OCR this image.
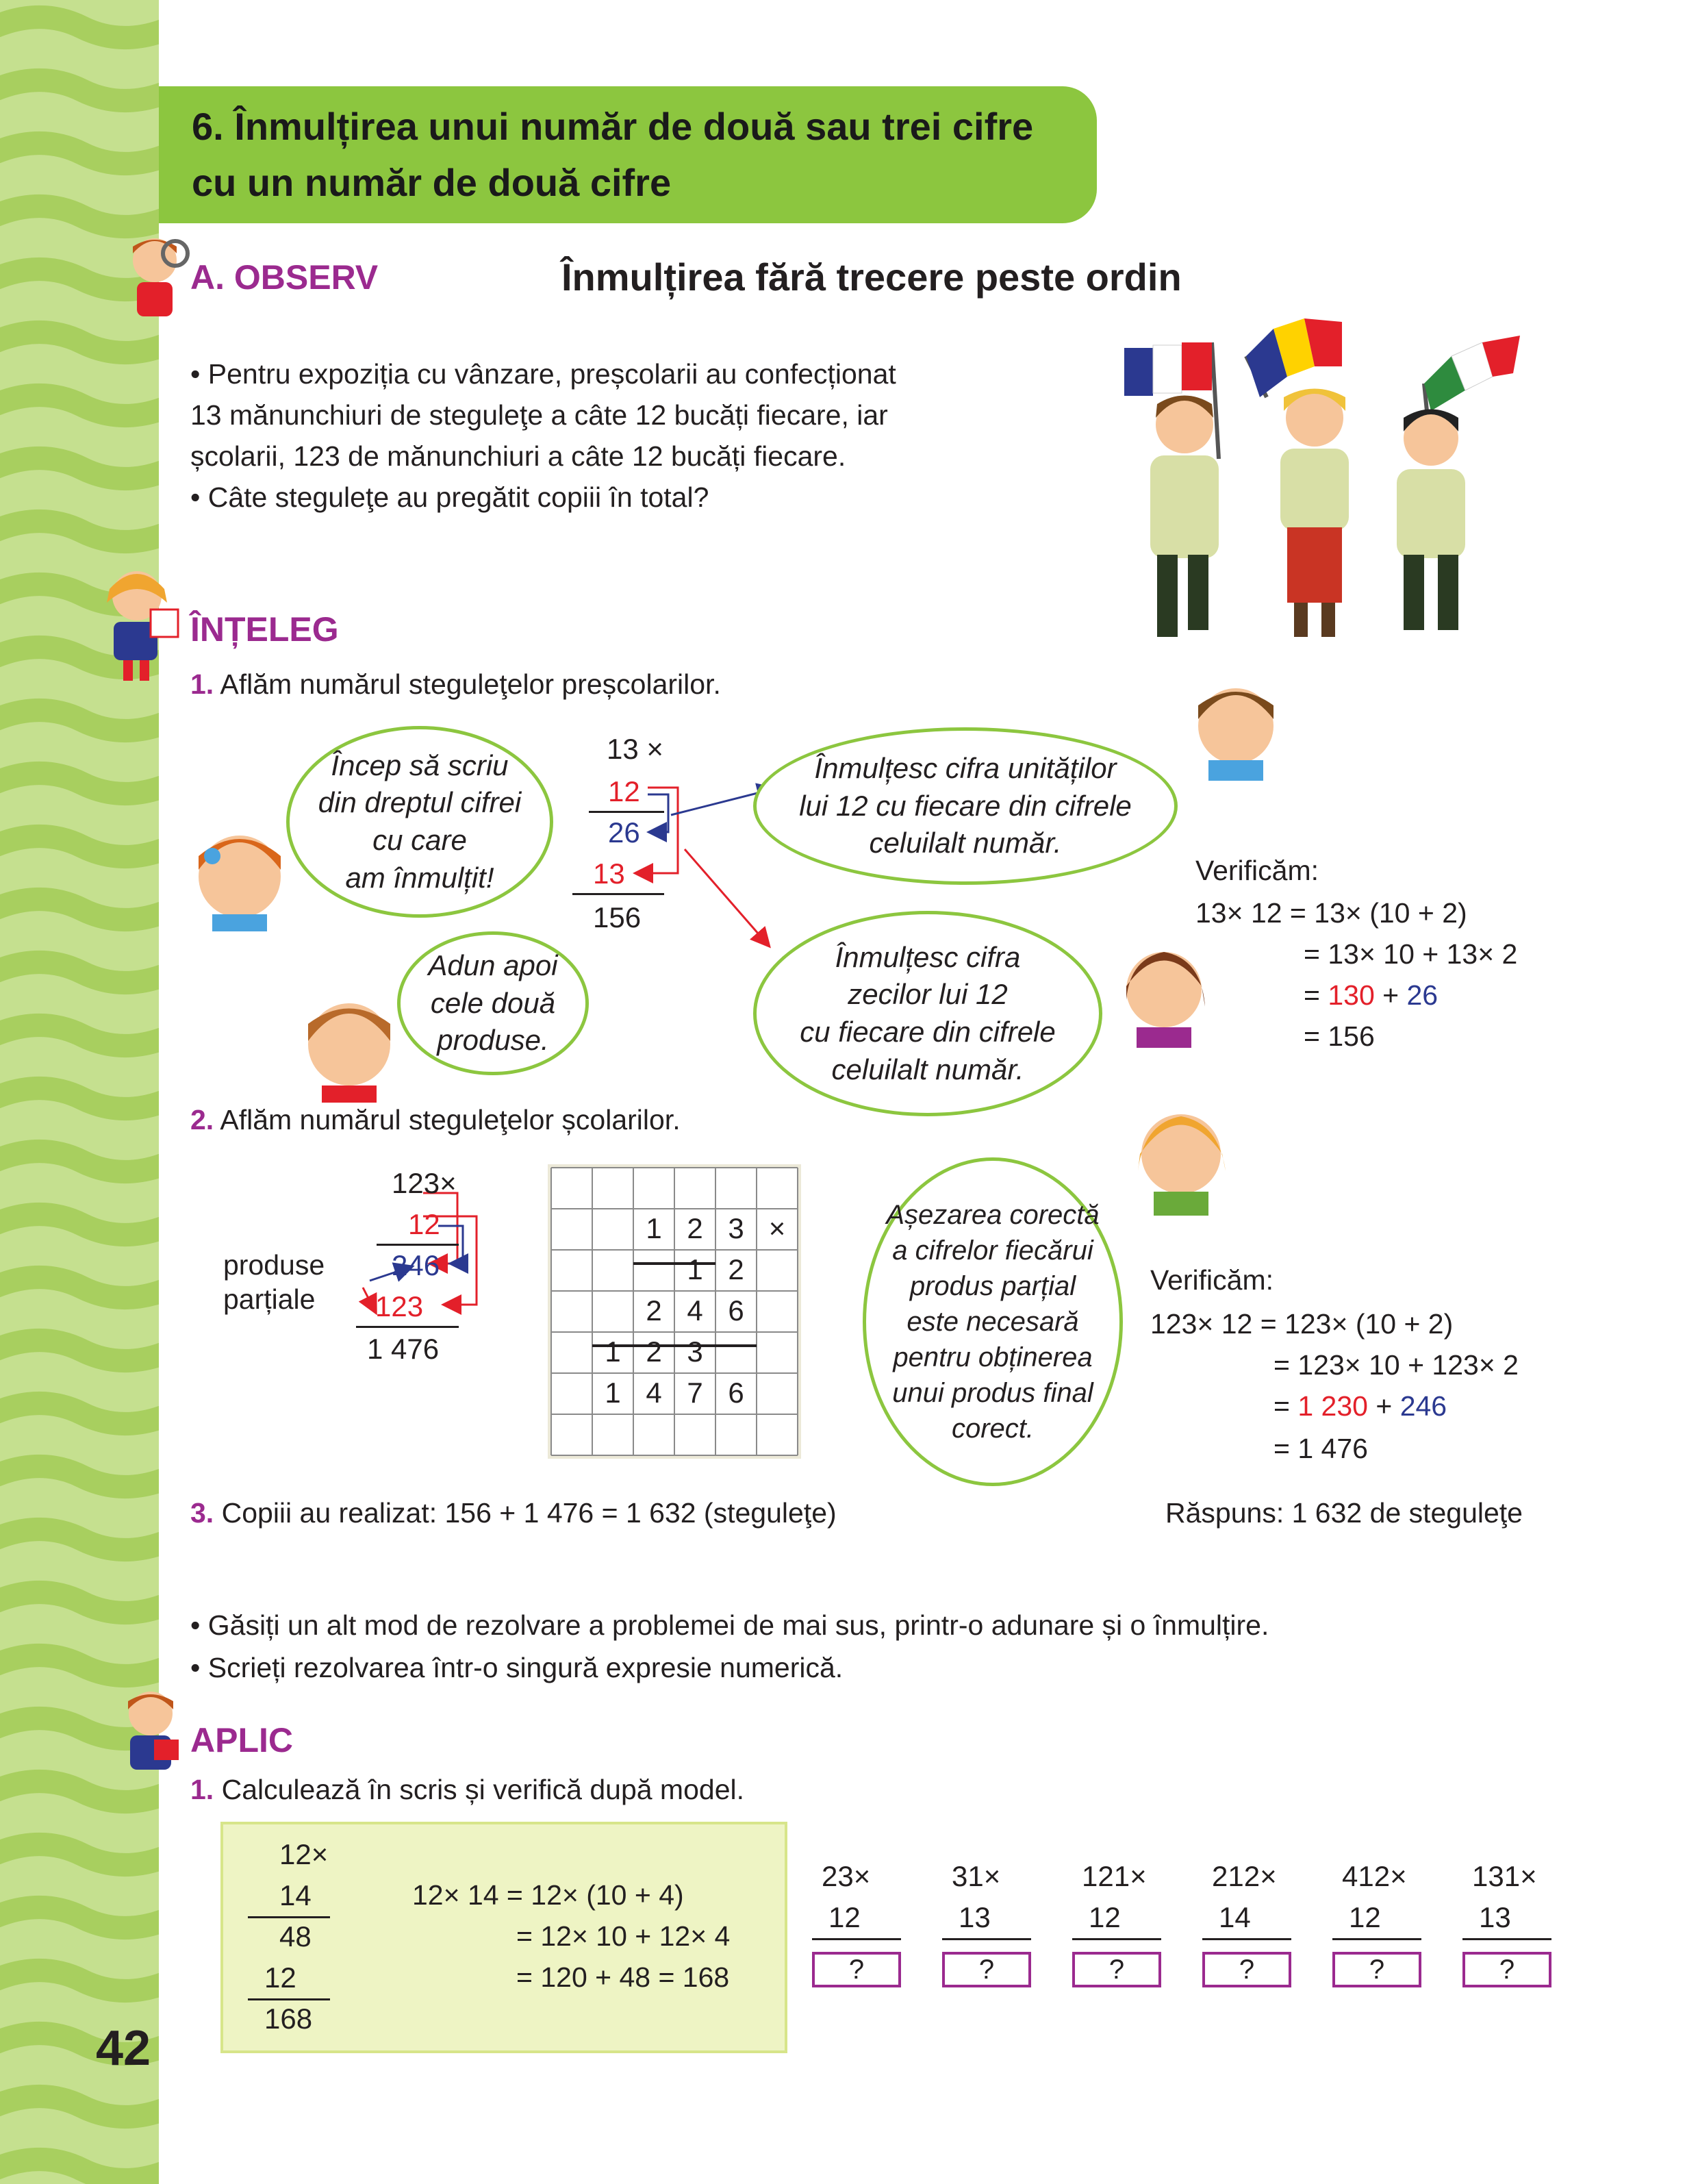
6. Înmulțirea unui număr de două sau trei cifre
cu un număr de două cifre
A. OBSERV	Înmulțirea fără trecere peste ordin
• Pentru expoziția cu vânzare, preșcolarii au confecționat
13 mănunchiuri de steguleţe a câte 12 bucăți fiecare, iar
școlarii, 123 de mănunchiuri a câte 12 bucăți fiecare.
• Câte steguleţe au pregătit copiii în total?
ÎNȚELEG
1. Aflăm numărul steguleţelor preșcolarilor.
Încep să scriu
din dreptul cifrei
cu care
am înmulțit!
13 ×
12
26
13
156
Înmulțesc cifra unităților
lui 12 cu fiecare din cifrele
celuilalt număr.
Verificăm:
13× 12 = 13× (10 + 2)
= 13× 10 + 13× 2
= 130 + 26
= 156
Adun apoi
cele două
produse.
Înmulțesc cifra
zecilor lui 12
cu fiecare din cifrele
celuilalt număr.
2. Aflăm numărul steguleţelor școlarilor.
123×
12
246
123
1 476
produse
parțiale
1 2 3 ×
1 2
2 4 6
1 2 3
1 4 7 6
Așezarea corectă
a cifrelor fiecărui
produs parțial
este necesară
pentru obținerea
unui produs final
corect.
Verificăm:
123× 12 = 123× (10 + 2)
= 123× 10 + 123× 2
= 1 230 + 246
= 1 476
3. Copiii au realizat: 156 + 1 476 = 1 632 (steguleţe)	Răspuns: 1 632 de steguleţe
• Găsiți un alt mod de rezolvare a problemei de mai sus, printr-o adunare și o înmulțire.
• Scrieți rezolvarea într-o singură expresie numerică.
APLIC
1. Calculează în scris și verifică după model.
12×
14
48
12
168
12× 14 = 12× (10 + 4)
= 12× 10 + 12× 4
= 120 + 48 = 168
23×
12
?
31×
13
?
121×
12
?
212×
14
?
412×
12
?
131×
13
?
42
